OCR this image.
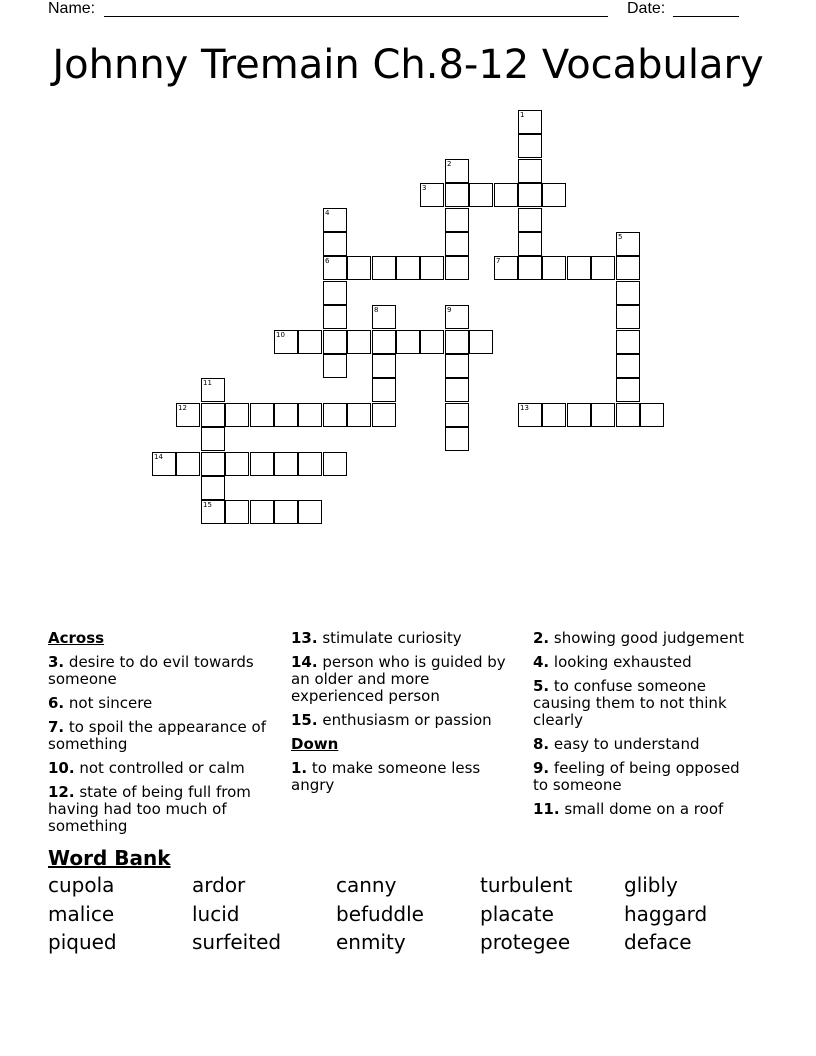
Name:	Date:
Johnny Tremain Ch.8-12 Vocabulary
1
2
3
4
6
5
7
8	9
10
11
15
12	13
14
Across
3. desire to do evil towards someone
6. not sincere
7. to spoil the appearance of something
10. not controlled or calm
12. state of being full from having had too much of something
13. stimulate curiosity
14. person who is guided by an older and more experienced person
15. enthusiasm or passion
Down
1. to make someone less angry
2. showing good judgement
4. looking exhausted
5. to confuse someone causing them to not think clearly
8. easy to understand
9. feeling of being opposed to someone
11. small dome on a roof
Word Bank
cupola	ardor	canny	turbulent	glibly
malice	lucid	befuddle	placate	haggard
piqued	surfeited	enmity	protegee	deface
